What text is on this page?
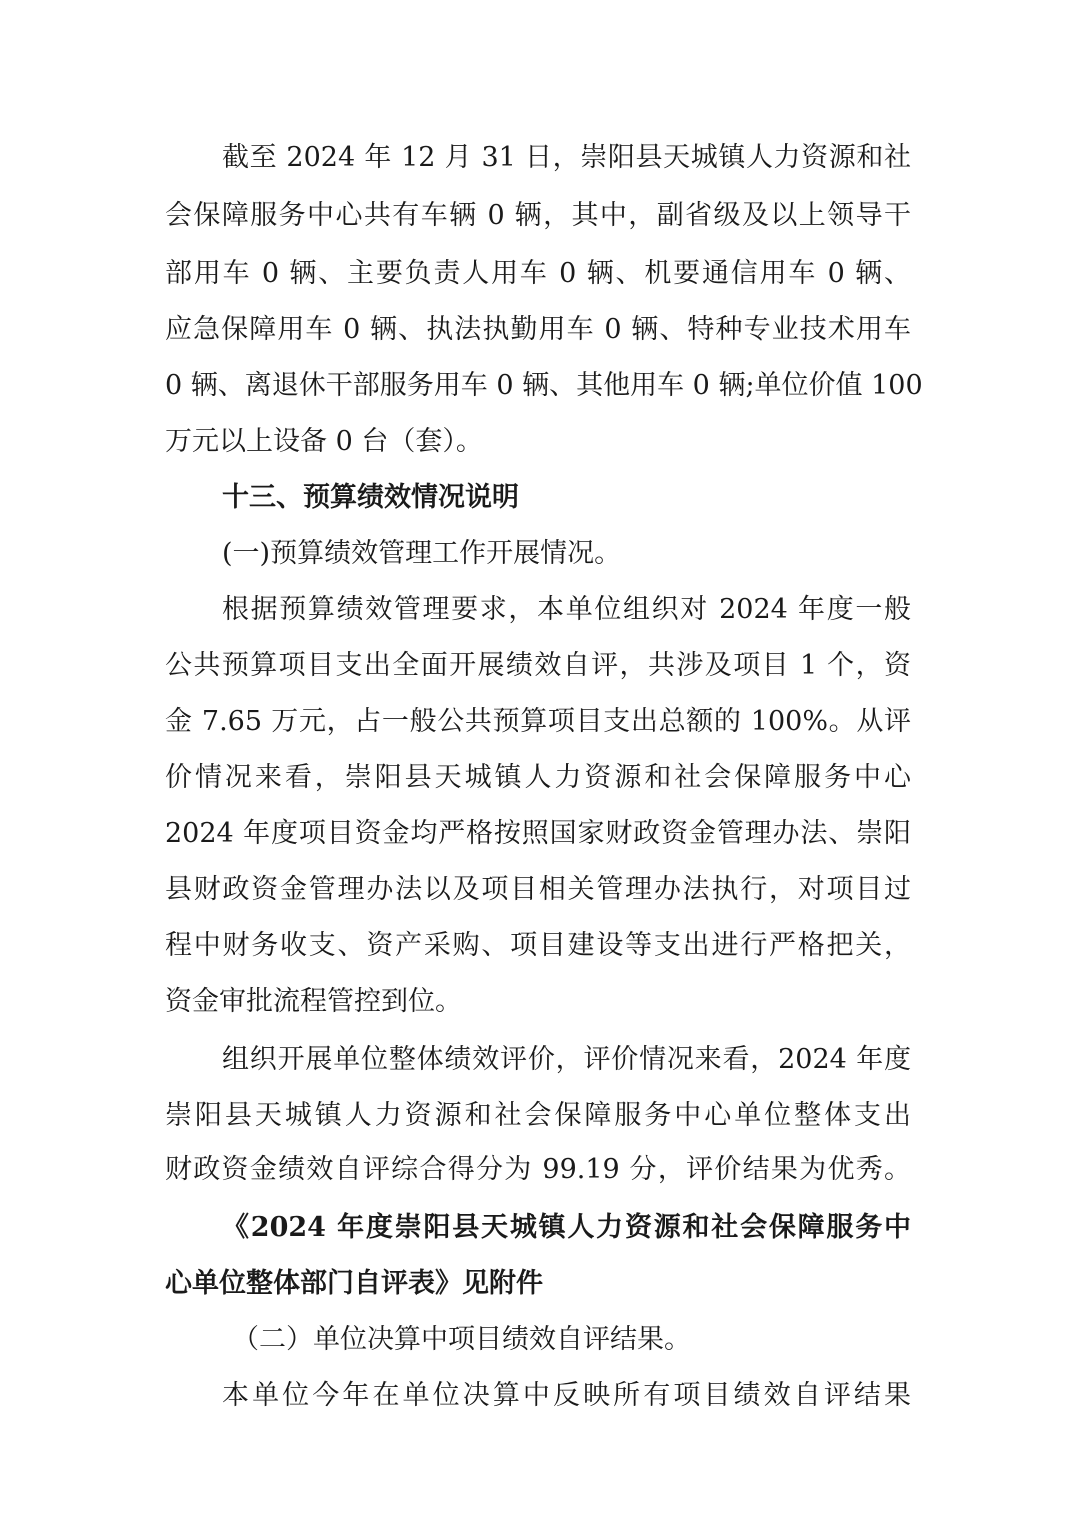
截至 2024 年 12 月 31 日，崇阳县天城镇人力资源和社
会保障服务中心共有车辆 0 辆，其中，副省级及以上领导干
部用车 0 辆、主要负责人用车 0 辆、机要通信用车 0 辆、
应急保障用车 0 辆、执法执勤用车 0 辆、特种专业技术用车
0 辆、离退休干部服务用车 0 辆、其他用车 0 辆;单位价值 100
万元以上设备 0 台（套）。
十三、预算绩效情况说明
(一)预算绩效管理工作开展情况。
根据预算绩效管理要求，本单位组织对 2024 年度一般
公共预算项目支出全面开展绩效自评，共涉及项目 1 个，资
金 7.65 万元，占一般公共预算项目支出总额的 100%。从评
价情况来看，崇阳县天城镇人力资源和社会保障服务中心
2024 年度项目资金均严格按照国家财政资金管理办法、崇阳
县财政资金管理办法以及项目相关管理办法执行，对项目过
程中财务收支、资产采购、项目建设等支出进行严格把关，
资金审批流程管控到位。
组织开展单位整体绩效评价，评价情况来看，2024 年度
崇阳县天城镇人力资源和社会保障服务中心单位整体支出
财政资金绩效自评综合得分为 99.19 分，评价结果为优秀。
《2024 年度崇阳县天城镇人力资源和社会保障服务中
心单位整体部门自评表》见附件
（二）单位决算中项目绩效自评结果。
本单位今年在单位决算中反映所有项目绩效自评结果
